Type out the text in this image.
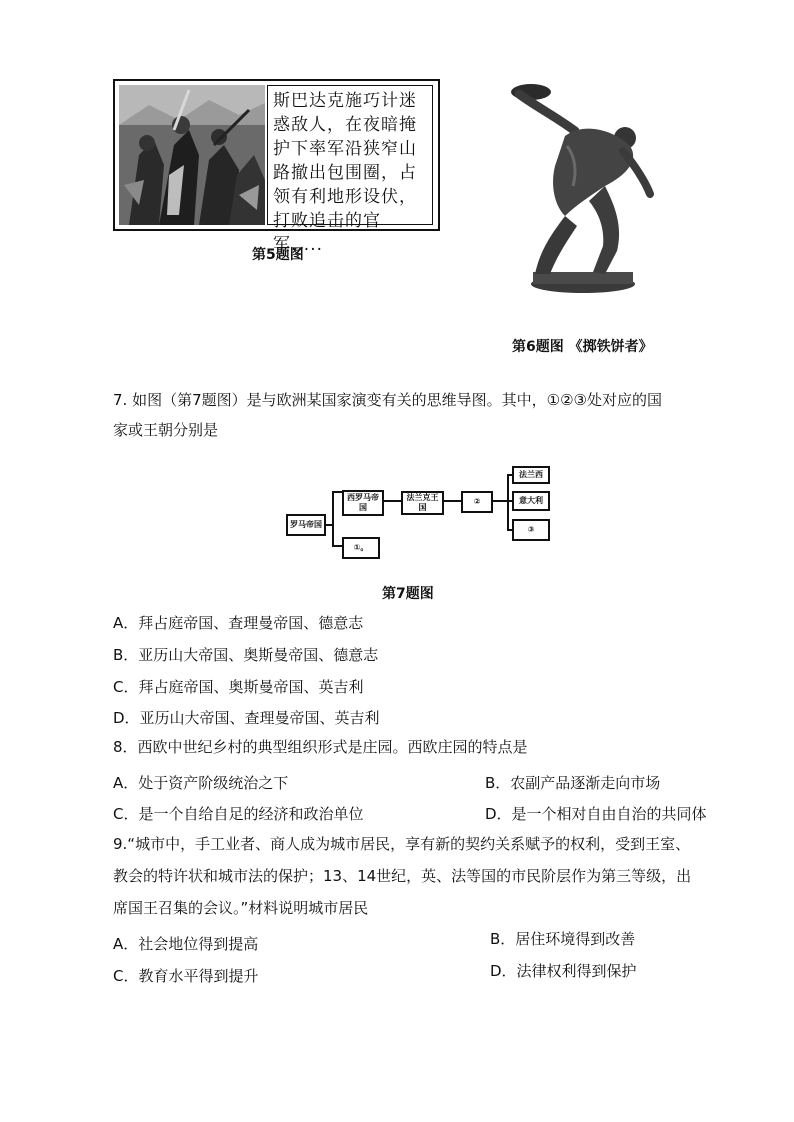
斯巴达克施巧计迷惑敌人，在夜暗掩护下率军沿狭窄山路撤出包围圈，占领有利地形设伏，打败追击的官军.....
第5题图
第6题图 《掷铁饼者》
7. 如图（第7题图）是与欧洲某国家演变有关的思维导图。其中，①②③处对应的国
家或王朝分别是
罗马帝国
西罗马帝国
①。
法兰克王国
②
法兰西
意大利
③
第7题图
A．拜占庭帝国、查理曼帝国、德意志
B．亚历山大帝国、奥斯曼帝国、德意志
C．拜占庭帝国、奥斯曼帝国、英吉利
D．亚历山大帝国、查理曼帝国、英吉利
8．西欧中世纪乡村的典型组织形式是庄园。西欧庄园的特点是
A．处于资产阶级统治之下	B．农副产品逐渐走向市场
C．是一个自给自足的经济和政治单位	D．是一个相对自由自治的共同体
9.“城市中，手工业者、商人成为城市居民，享有新的契约关系赋予的权利，受到王室、
教会的特许状和城市法的保护；13、14世纪，英、法等国的市民阶层作为第三等级，出
席国王召集的会议。”材料说明城市居民
A．社会地位得到提高	B．居住环境得到改善
C．教育水平得到提升	D．法律权利得到保护
